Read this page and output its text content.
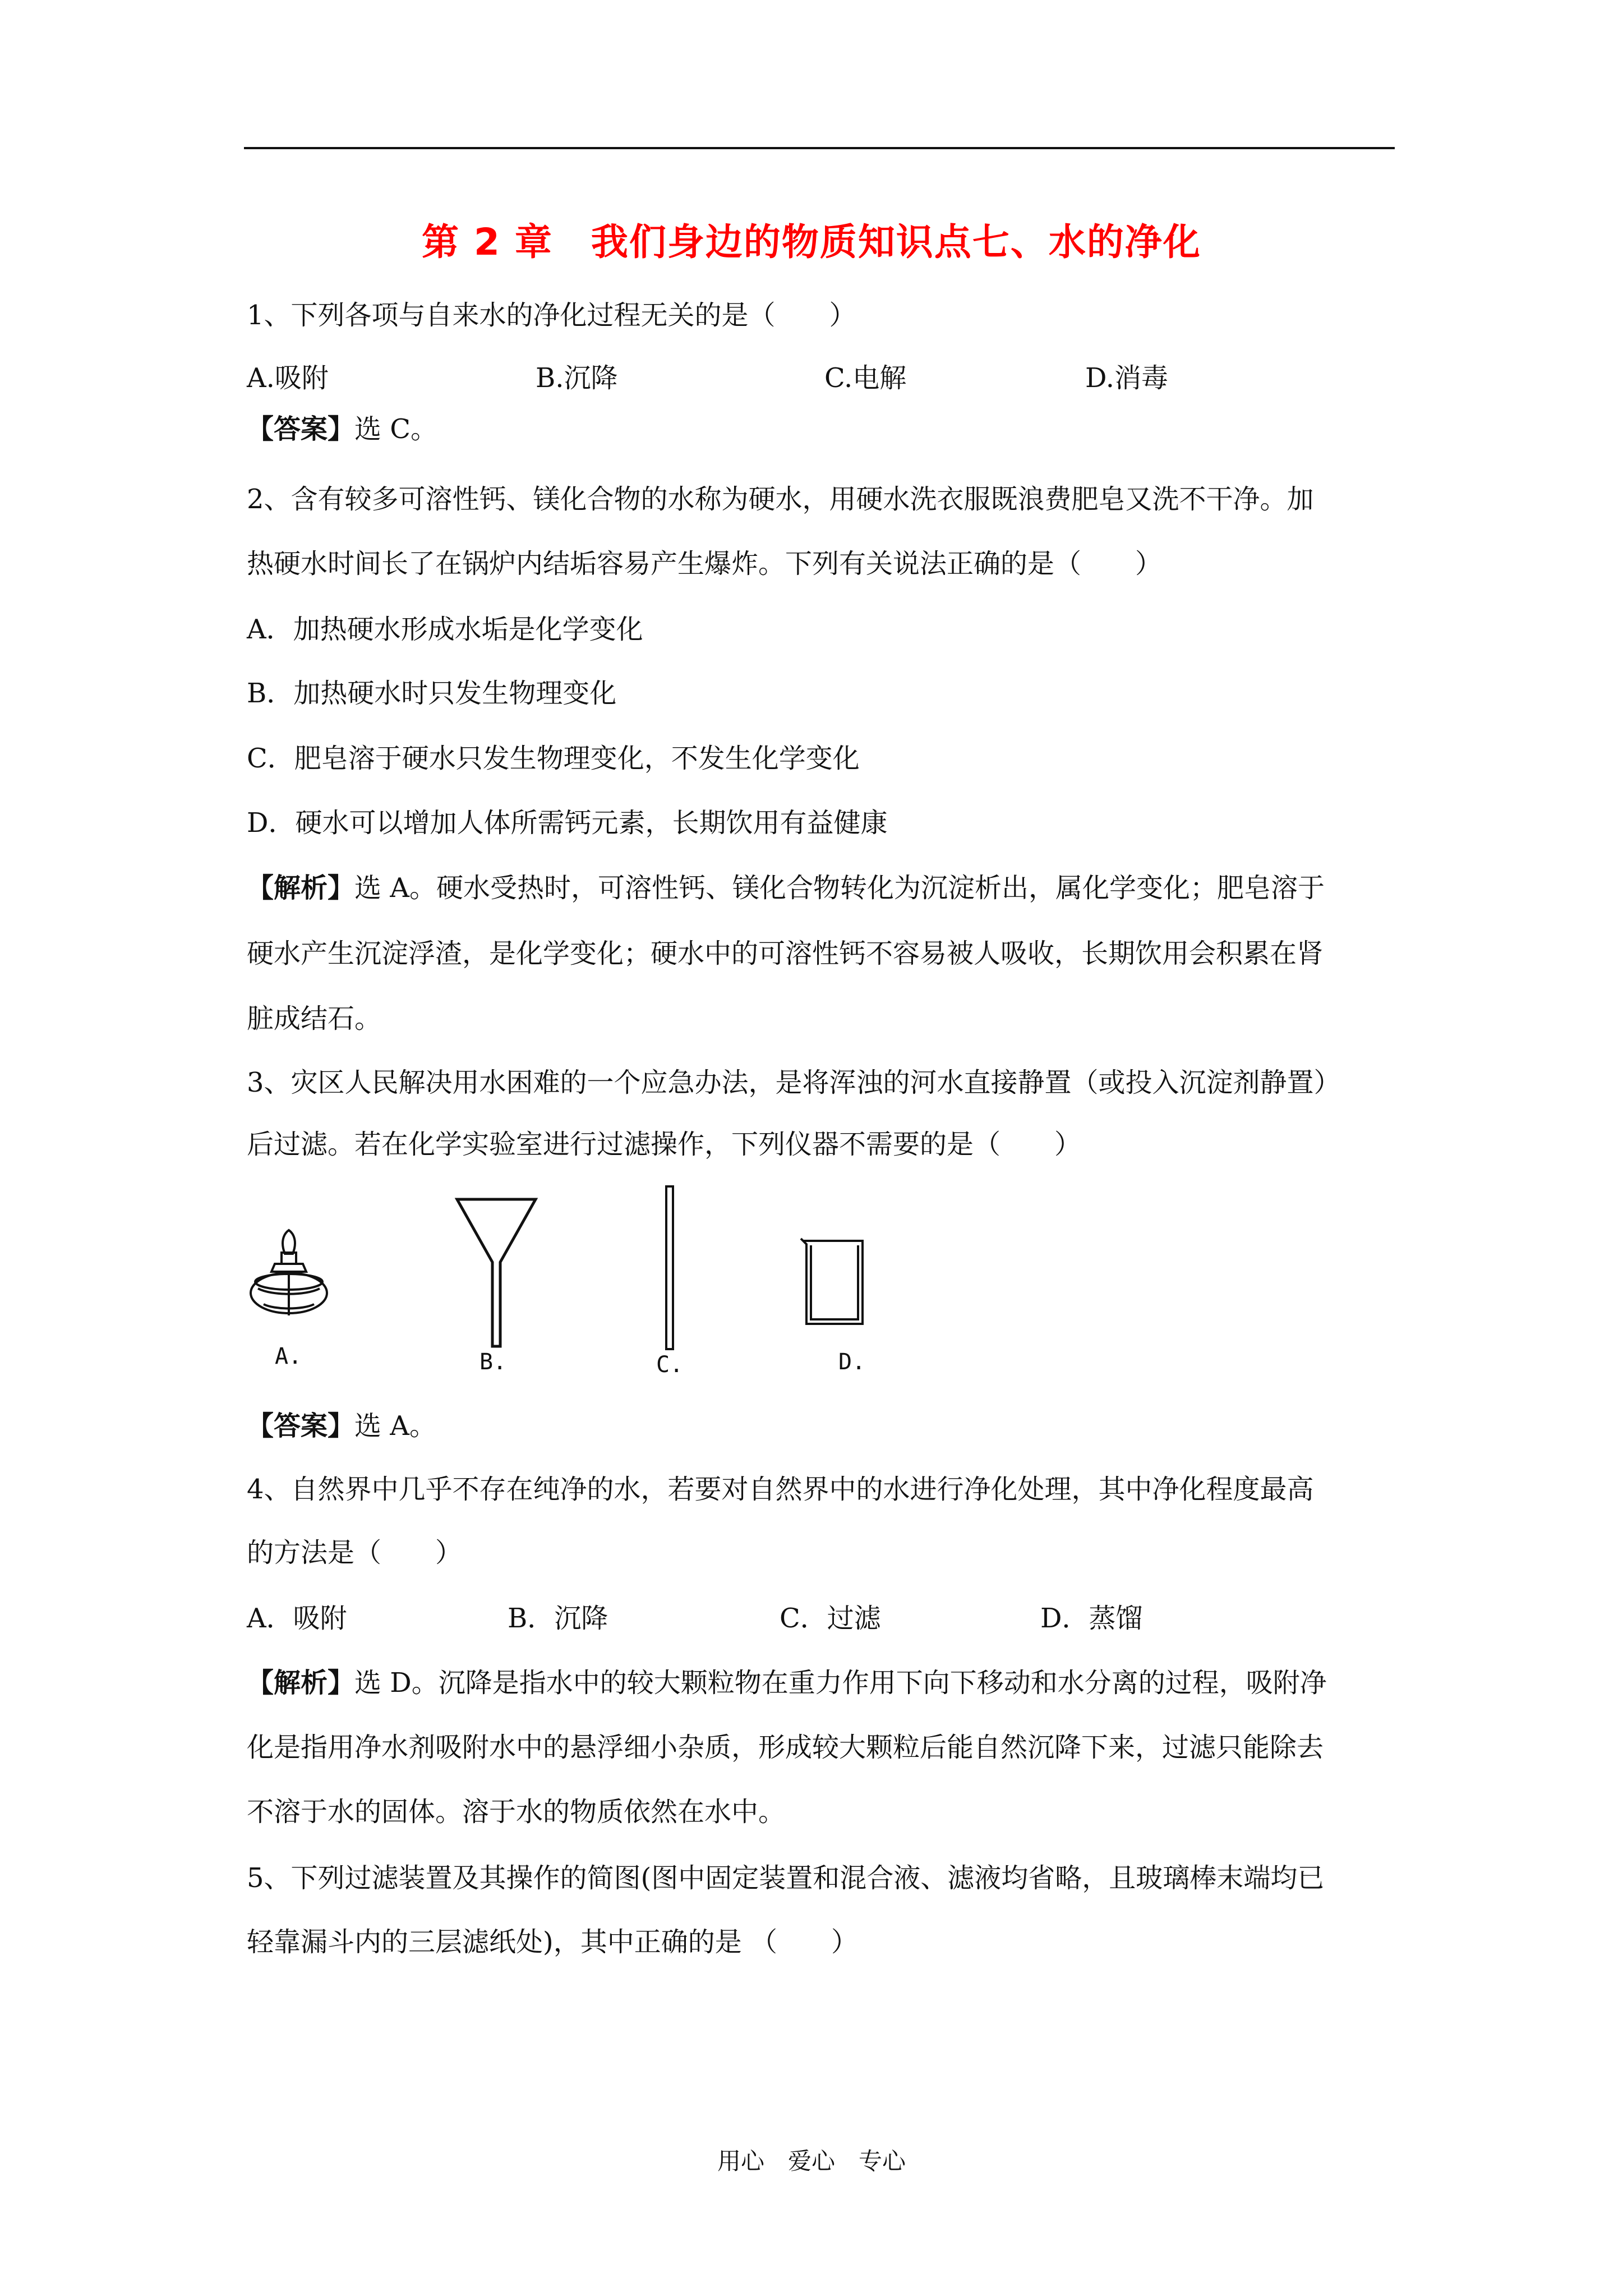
第 2 章　我们身边的物质知识点七、水的净化
1、下列各项与自来水的净化过程无关的是（　　）
A.吸附	B.沉降	C.电解	D.消毒
【答案】选 C。
2、含有较多可溶性钙、镁化合物的水称为硬水，用硬水洗衣服既浪费肥皂又洗不干净。加
热硬水时间长了在锅炉内结垢容易产生爆炸。下列有关说法正确的是（　　）
A．加热硬水形成水垢是化学变化
B．加热硬水时只发生物理变化
C．肥皂溶于硬水只发生物理变化，不发生化学变化
D．硬水可以增加人体所需钙元素，长期饮用有益健康
【解析】选 A。硬水受热时，可溶性钙、镁化合物转化为沉淀析出，属化学变化；肥皂溶于
硬水产生沉淀浮渣，是化学变化；硬水中的可溶性钙不容易被人吸收，长期饮用会积累在肾
脏成结石。
3、灾区人民解决用水困难的一个应急办法，是将浑浊的河水直接静置（或投入沉淀剂静置）
后过滤。若在化学实验室进行过滤操作，下列仪器不需要的是（　　）
A.	B.	C.	D.
【答案】选 A。
4、自然界中几乎不存在纯净的水，若要对自然界中的水进行净化处理，其中净化程度最高
的方法是（　　）
A．吸附	B．沉降	C．过滤	D．蒸馏
【解析】选 D。沉降是指水中的较大颗粒物在重力作用下向下移动和水分离的过程，吸附净
化是指用净水剂吸附水中的悬浮细小杂质，形成较大颗粒后能自然沉降下来，过滤只能除去
不溶于水的固体。溶于水的物质依然在水中。
5、下列过滤装置及其操作的简图(图中固定装置和混合液、滤液均省略，且玻璃棒末端均已
轻靠漏斗内的三层滤纸处)，其中正确的是 （　　）
用心　爱心　专心
